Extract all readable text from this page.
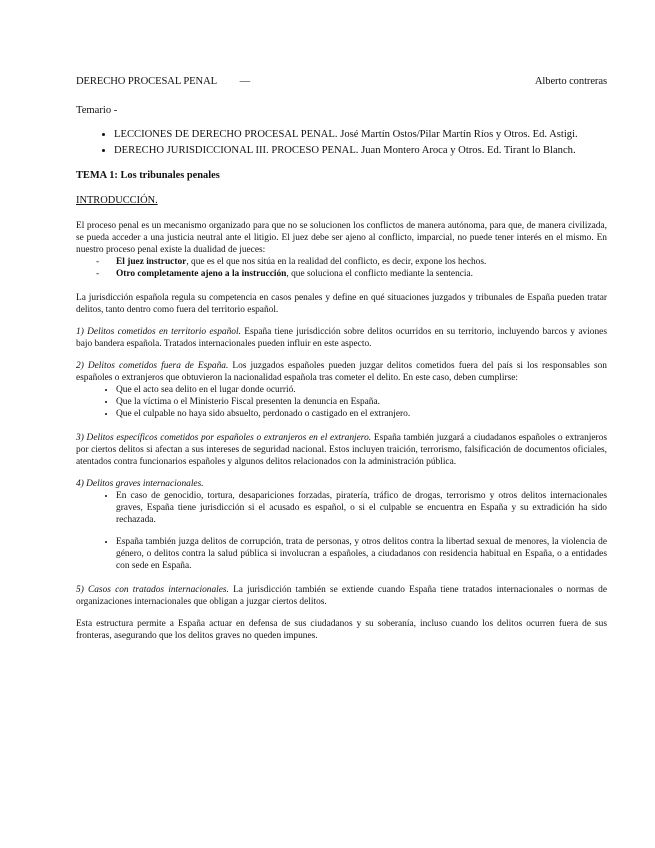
DERECHO PROCESAL PENAL —	Alberto contreras
Temario -
• LECCIONES DE DERECHO PROCESAL PENAL. José Martín Ostos/Pilar Martín Ríos y Otros. Ed. Astigi.
• DERECHO JURISDICCIONAL III. PROCESO PENAL. Juan Montero Aroca y Otros. Ed. Tirant lo Blanch.
TEMA 1: Los tribunales penales
INTRODUCCIÓN.

El proceso penal es un mecanismo organizado para que no se solucionen los conflictos de manera autónoma, para que, de manera civilizada, se pueda acceder a una justicia neutral ante el litigio. El juez debe ser ajeno al conflicto, imparcial, no puede tener interés en el mismo. En nuestro proceso penal existe la dualidad de jueces:

- El juez instructor, que es el que nos sitúa en la realidad del conflicto, es decir, expone los hechos.
- Otro completamente ajeno a la instrucción, que soluciona el conflicto mediante la sentencia.

La jurisdicción española regula su competencia en casos penales y define en qué situaciones juzgados y tribunales de España pueden tratar delitos, tanto dentro como fuera del territorio español.

1) Delitos cometidos en territorio español. España tiene jurisdicción sobre delitos ocurridos en su territorio, incluyendo barcos y aviones bajo bandera española. Tratados internacionales pueden influir en este aspecto.

2) Delitos cometidos fuera de España. Los juzgados españoles pueden juzgar delitos cometidos fuera del país si los responsables son españoles o extranjeros que obtuvieron la nacionalidad española tras cometer el delito. En este caso, deben cumplirse:

• Que el acto sea delito en el lugar donde ocurrió.
• Que la víctima o el Ministerio Fiscal presenten la denuncia en España.
• Que el culpable no haya sido absuelto, perdonado o castigado en el extranjero.

3) Delitos específicos cometidos por españoles o extranjeros en el extranjero. España también juzgará a ciudadanos españoles o extranjeros por ciertos delitos si afectan a sus intereses de seguridad nacional. Estos incluyen traición, terrorismo, falsificación de documentos oficiales, atentados contra funcionarios españoles y algunos delitos relacionados con la administración pública.

4) Delitos graves internacionales.

• En caso de genocidio, tortura, desapariciones forzadas, piratería, tráfico de drogas, terrorismo y otros delitos internacionales graves, España tiene jurisdicción si el acusado es español, o si el culpable se encuentra en España y su extradición ha sido rechazada.
• España también juzga delitos de corrupción, trata de personas, y otros delitos contra la libertad sexual de menores, la violencia de género, o delitos contra la salud pública si involucran a españoles, a ciudadanos con residencia habitual en España, o a entidades con sede en España.

5) Casos con tratados internacionales. La jurisdicción también se extiende cuando España tiene tratados internacionales o normas de organizaciones internacionales que obligan a juzgar ciertos delitos.

Esta estructura permite a España actuar en defensa de sus ciudadanos y su soberanía, incluso cuando los delitos ocurren fuera de sus fronteras, asegurando que los delitos graves no queden impunes.
